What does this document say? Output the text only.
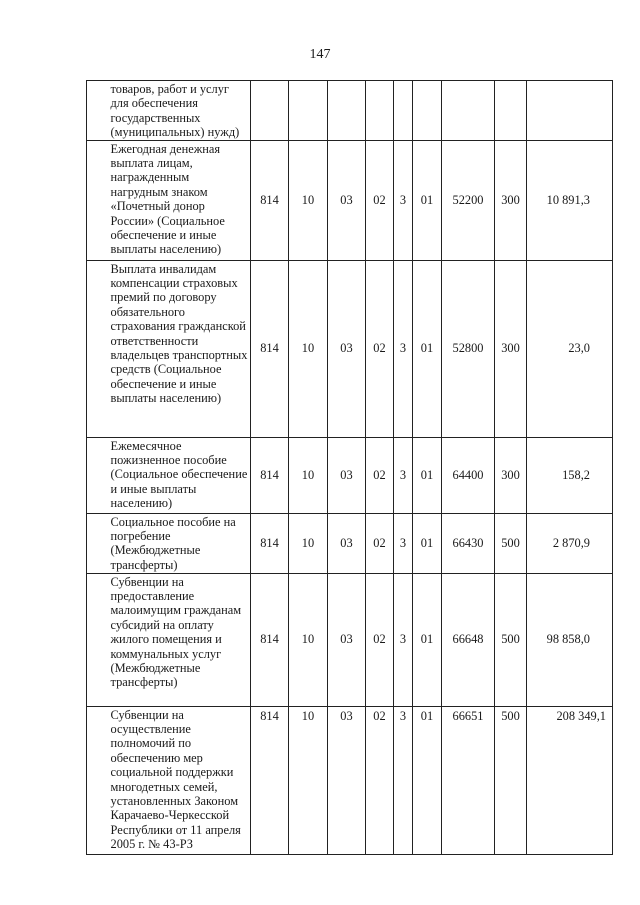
147
	товаров, работ и услуг для обеспечения государственных (муниципальных) нужд)									
	Ежегодная денежная выплата лицам, награжденным нагрудным знаком «Почетный донор России» (Социальное обеспечение и иные выплаты населению)	814	10	03	02	3	01	52200	300	10 891,3
	Выплата инвалидам компенсации страховых премий по договору обязательного страхования гражданской ответственности владельцев транспортных средств (Социальное обеспечение и иные выплаты населению)	814	10	03	02	3	01	52800	300	23,0
	Ежемесячное пожизненное пособие (Социальное обеспечение и иные выплаты населению)	814	10	03	02	3	01	64400	300	158,2
	Социальное пособие на погребение (Межбюджетные трансферты)	814	10	03	02	3	01	66430	500	2 870,9
	Субвенции на предоставление малоимущим гражданам субсидий на оплату жилого помещения и коммунальных услуг (Межбюджетные трансферты)	814	10	03	02	3	01	66648	500	98 858,0
	Субвенции на осуществление полномочий по обеспечению мер социальной поддержки многодетных семей, установленных Законом Карачаево-Черкесской Республики от 11 апреля 2005 г. № 43-РЗ	814	10	03	02	3	01	66651	500	208 349,1
